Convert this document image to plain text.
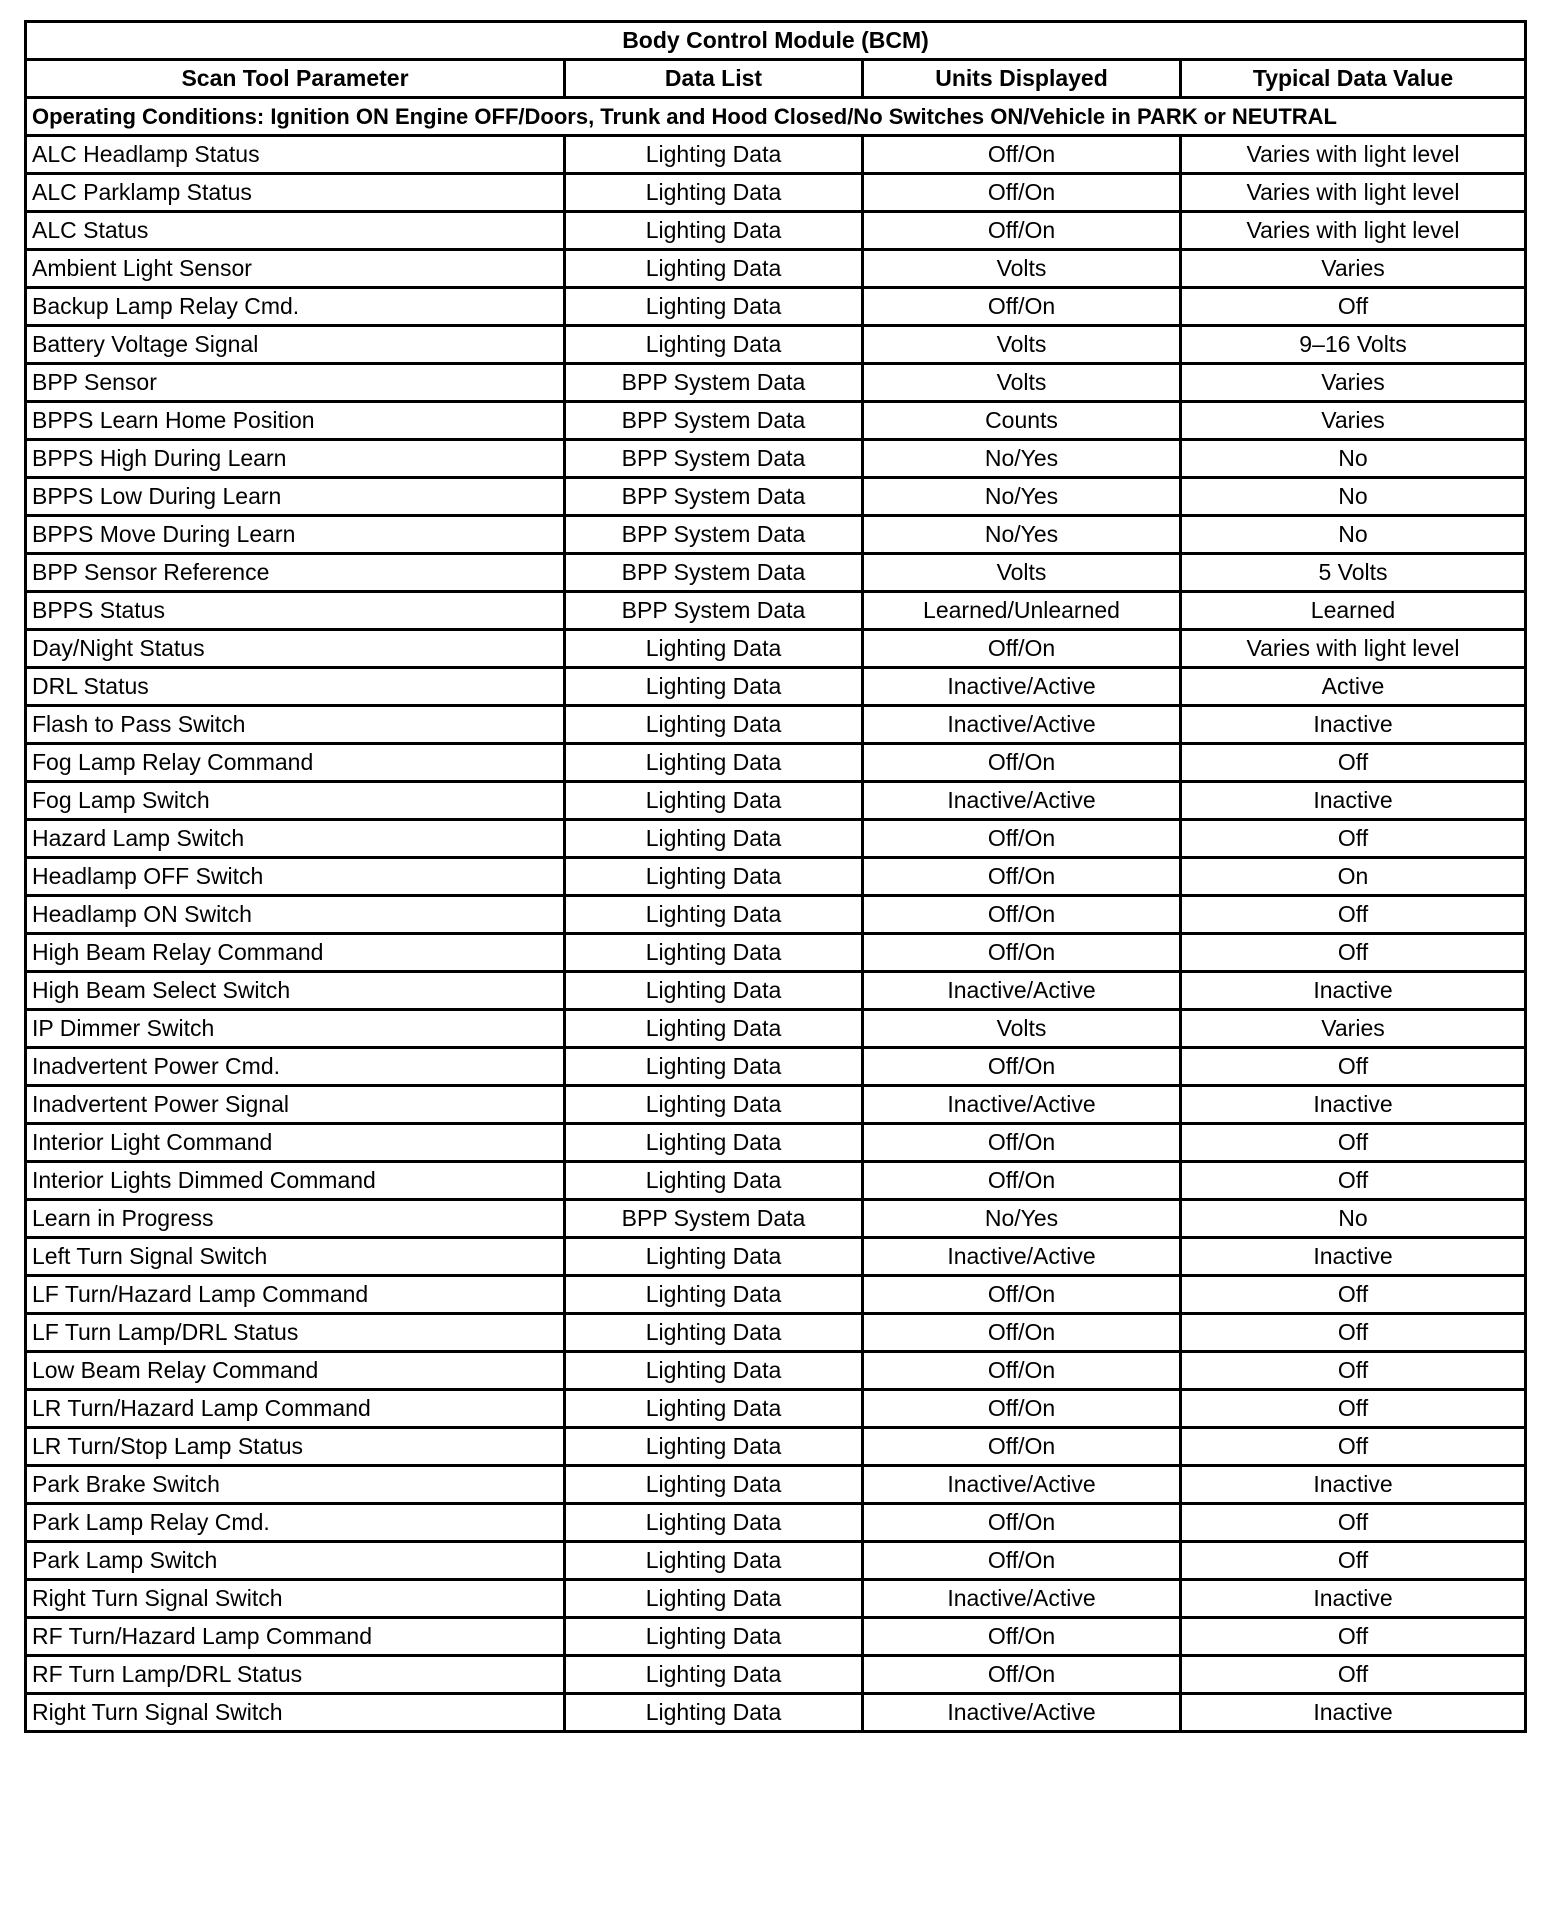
Body Control Module (BCM)			
Scan Tool Parameter	Data List	Units Displayed	Typical Data Value
Operating Conditions: Ignition ON Engine OFF/Doors, Trunk and Hood Closed/No Switches ON/Vehicle in PARK or NEUTRAL			
ALC Headlamp Status	Lighting Data	Off/On	Varies with light level
ALC Parklamp Status	Lighting Data	Off/On	Varies with light level
ALC Status	Lighting Data	Off/On	Varies with light level
Ambient Light Sensor	Lighting Data	Volts	Varies
Backup Lamp Relay Cmd.	Lighting Data	Off/On	Off
Battery Voltage Signal	Lighting Data	Volts	9–16 Volts
BPP Sensor	BPP System Data	Volts	Varies
BPPS Learn Home Position	BPP System Data	Counts	Varies
BPPS High During Learn	BPP System Data	No/Yes	No
BPPS Low During Learn	BPP System Data	No/Yes	No
BPPS Move During Learn	BPP System Data	No/Yes	No
BPP Sensor Reference	BPP System Data	Volts	5 Volts
BPPS Status	BPP System Data	Learned/Unlearned	Learned
Day/Night Status	Lighting Data	Off/On	Varies with light level
DRL Status	Lighting Data	Inactive/Active	Active
Flash to Pass Switch	Lighting Data	Inactive/Active	Inactive
Fog Lamp Relay Command	Lighting Data	Off/On	Off
Fog Lamp Switch	Lighting Data	Inactive/Active	Inactive
Hazard Lamp Switch	Lighting Data	Off/On	Off
Headlamp OFF Switch	Lighting Data	Off/On	On
Headlamp ON Switch	Lighting Data	Off/On	Off
High Beam Relay Command	Lighting Data	Off/On	Off
High Beam Select Switch	Lighting Data	Inactive/Active	Inactive
IP Dimmer Switch	Lighting Data	Volts	Varies
Inadvertent Power Cmd.	Lighting Data	Off/On	Off
Inadvertent Power Signal	Lighting Data	Inactive/Active	Inactive
Interior Light Command	Lighting Data	Off/On	Off
Interior Lights Dimmed Command	Lighting Data	Off/On	Off
Learn in Progress	BPP System Data	No/Yes	No
Left Turn Signal Switch	Lighting Data	Inactive/Active	Inactive
LF Turn/Hazard Lamp Command	Lighting Data	Off/On	Off
LF Turn Lamp/DRL Status	Lighting Data	Off/On	Off
Low Beam Relay Command	Lighting Data	Off/On	Off
LR Turn/Hazard Lamp Command	Lighting Data	Off/On	Off
LR Turn/Stop Lamp Status	Lighting Data	Off/On	Off
Park Brake Switch	Lighting Data	Inactive/Active	Inactive
Park Lamp Relay Cmd.	Lighting Data	Off/On	Off
Park Lamp Switch	Lighting Data	Off/On	Off
Right Turn Signal Switch	Lighting Data	Inactive/Active	Inactive
RF Turn/Hazard Lamp Command	Lighting Data	Off/On	Off
RF Turn Lamp/DRL Status	Lighting Data	Off/On	Off
Right Turn Signal Switch	Lighting Data	Inactive/Active	Inactive
